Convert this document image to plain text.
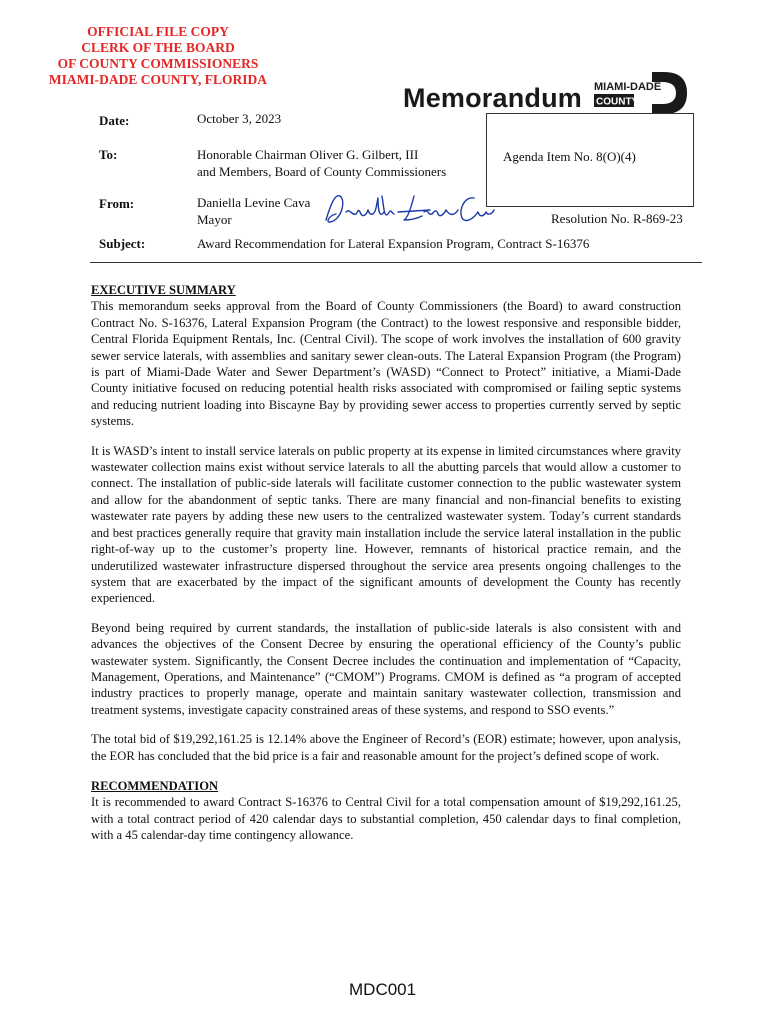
OFFICIAL FILE COPY
CLERK OF THE BOARD
OF COUNTY COMMISSIONERS
MIAMI-DADE COUNTY, FLORIDA
Memorandum MIAMI-DADE
COUNTY
Agenda Item No. 8(O)(4)
Resolution No. R-869-23
Date:	October 3, 2023
To:	Honorable Chairman Oliver G. Gilbert, III
and Members, Board of County Commissioners
From:	Daniella Levine Cava
Mayor
Subject:	Award Recommendation for Lateral Expansion Program, Contract S-16376
EXECUTIVE SUMMARY

This memorandum seeks approval from the Board of County Commissioners (the Board) to award construction Contract No. S-16376, Lateral Expansion Program (the Contract) to the lowest responsive and responsible bidder, Central Florida Equipment Rentals, Inc. (Central Civil). The scope of work involves the installation of 600 gravity sewer service laterals, with assemblies and sanitary sewer clean-outs. The Lateral Expansion Program (the Program) is part of Miami-Dade Water and Sewer Department’s (WASD) “Connect to Protect” initiative, a Miami-Dade County initiative focused on reducing potential health risks associated with compromised or failing septic systems and reducing nutrient loading into Biscayne Bay by providing sewer access to properties currently served by septic systems.

It is WASD’s intent to install service laterals on public property at its expense in limited circumstances where gravity wastewater collection mains exist without service laterals to all the abutting parcels that would allow a customer to connect. The installation of public-side laterals will facilitate customer connection to the public wastewater system and allow for the abandonment of septic tanks. There are many financial and non-financial benefits to existing wastewater rate payers by adding these new users to the centralized wastewater system. Today’s current standards and best practices generally require that gravity main installation include the service lateral installation in the public right-of-way up to the customer’s property line. However, remnants of historical practice remain, and the underutilized wastewater infrastructure dispersed throughout the service area presents ongoing challenges to the system that are exacerbated by the impact of the significant amounts of development the County has recently experienced.

Beyond being required by current standards, the installation of public-side laterals is also consistent with and advances the objectives of the Consent Decree by ensuring the operational efficiency of the County’s public wastewater system. Significantly, the Consent Decree includes the continuation and implementation of “Capacity, Management, Operations, and Maintenance” (“CMOM”) Programs. CMOM is defined as “a program of accepted industry practices to properly manage, operate and maintain sanitary wastewater collection, transmission and treatment systems, investigate capacity constrained areas of these systems, and respond to SSO events.”

The total bid of $19,292,161.25 is 12.14% above the Engineer of Record’s (EOR) estimate; however, upon analysis, the EOR has concluded that the bid price is a fair and reasonable amount for the project’s defined scope of work.

RECOMMENDATION

It is recommended to award Contract S-16376 to Central Civil for a total compensation amount of $19,292,161.25, with a total contract period of 420 calendar days to substantial completion, 450 calendar days to final completion, with a 45 calendar-day time contingency allowance.

MDC001
